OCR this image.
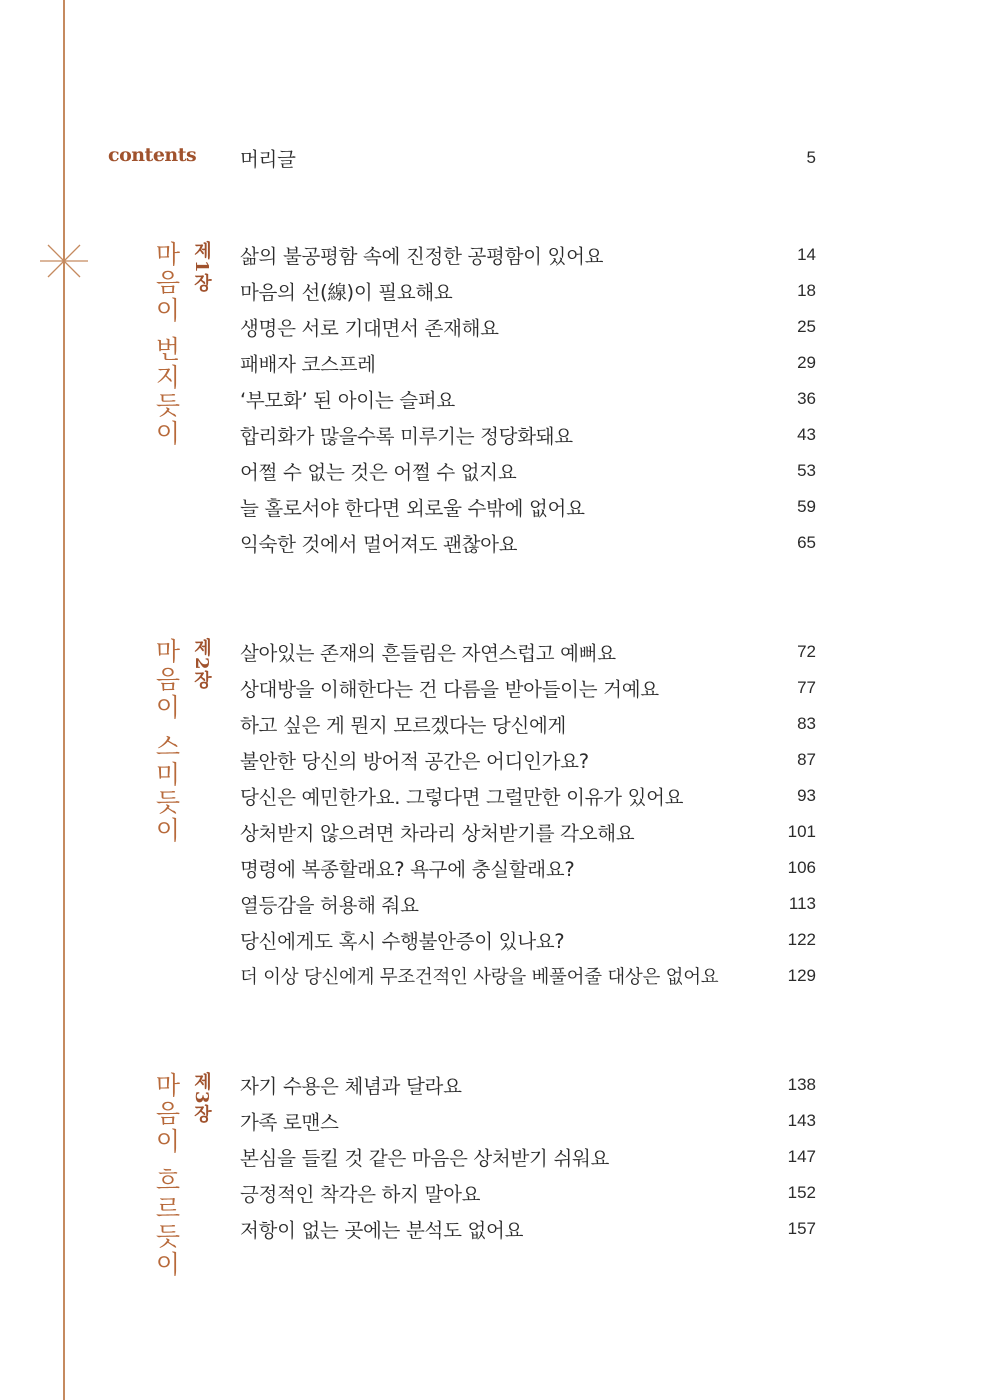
contents 머리글	5
제1장
마음이 번지듯이	삶의 불공평함 속에 진정한 공평함이 있어요	14
마음의 선(線)이 필요해요	18
생명은 서로 기대면서 존재해요	25
패배자 코스프레	29
‘부모화’ 된 아이는 슬퍼요	36
합리화가 많을수록 미루기는 정당화돼요	43
어쩔 수 없는 것은 어쩔 수 없지요	53
늘 홀로서야 한다면 외로울 수밖에 없어요	59
익숙한 것에서 멀어져도 괜찮아요	65
제2장
마음이 스미듯이	살아있는 존재의 흔들림은 자연스럽고 예뻐요	72
상대방을 이해한다는 건 다름을 받아들이는 거예요	77
하고 싶은 게 뭔지 모르겠다는 당신에게	83
불안한 당신의 방어적 공간은 어디인가요?	87
당신은 예민한가요. 그렇다면 그럴만한 이유가 있어요	93
상처받지 않으려면 차라리 상처받기를 각오해요	101
명령에 복종할래요? 욕구에 충실할래요?	106
열등감을 허용해 줘요	113
당신에게도 혹시 수행불안증이 있나요?	122
더 이상 당신에게 무조건적인 사랑을 베풀어줄 대상은 없어요	129
제3장
마음이 흐르듯이	자기 수용은 체념과 달라요	138
가족 로맨스	143
본심을 들킬 것 같은 마음은 상처받기 쉬워요	147
긍정적인 착각은 하지 말아요	152
저항이 없는 곳에는 분석도 없어요	157
